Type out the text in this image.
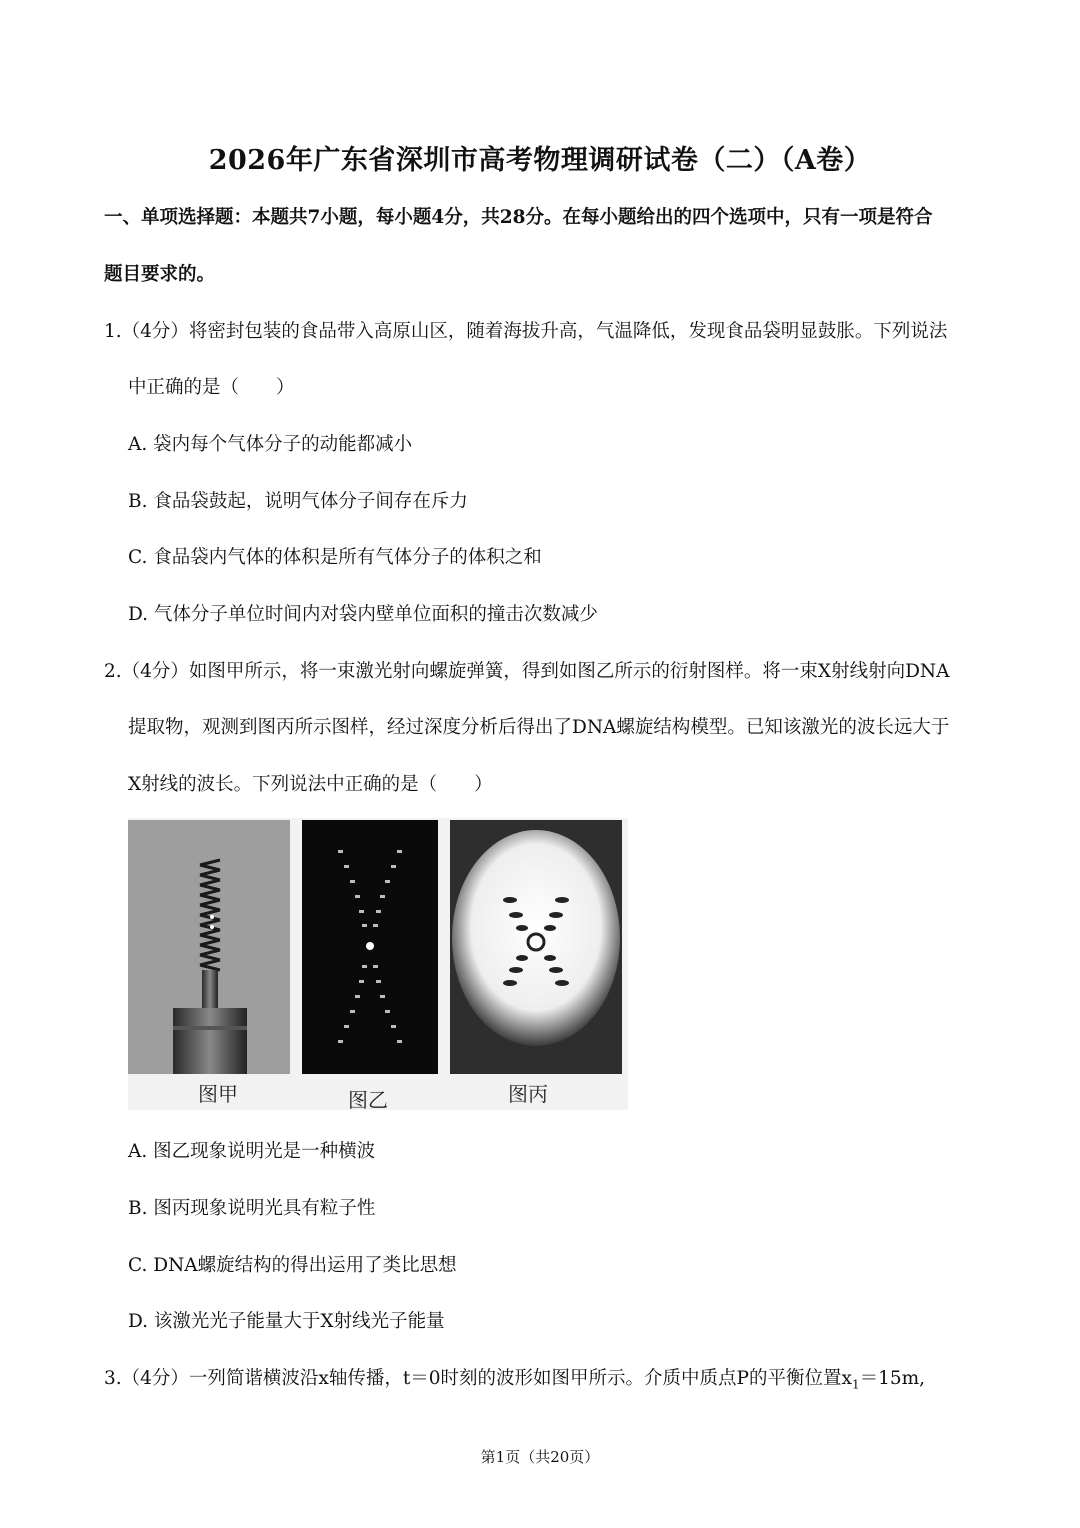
2026年广东省深圳市高考物理调研试卷（二）（A卷）
一、单项选择题：本题共7小题，每小题4分，共28分。在每小题给出的四个选项中，只有一项是符合
题目要求的。
1.（4分）将密封包装的食品带入高原山区，随着海拔升高，气温降低，发现食品袋明显鼓胀。下列说法
中正确的是（　　）
A. 袋内每个气体分子的动能都减小
B. 食品袋鼓起，说明气体分子间存在斥力
C. 食品袋内气体的体积是所有气体分子的体积之和
D. 气体分子单位时间内对袋内壁单位面积的撞击次数减少
2.（4分）如图甲所示，将一束激光射向螺旋弹簧，得到如图乙所示的衍射图样。将一束X射线射向DNA
提取物，观测到图丙所示图样，经过深度分析后得出了DNA螺旋结构模型。已知该激光的波长远大于
X射线的波长。下列说法中正确的是（　　）
图甲	图乙	图丙
A. 图乙现象说明光是一种横波
B. 图丙现象说明光具有粒子性
C. DNA螺旋结构的得出运用了类比思想
D. 该激光光子能量大于X射线光子能量
3.（4分）一列简谐横波沿x轴传播，t＝0时刻的波形如图甲所示。介质中质点P的平衡位置$x_1=15m$,
第1页（共20页）
